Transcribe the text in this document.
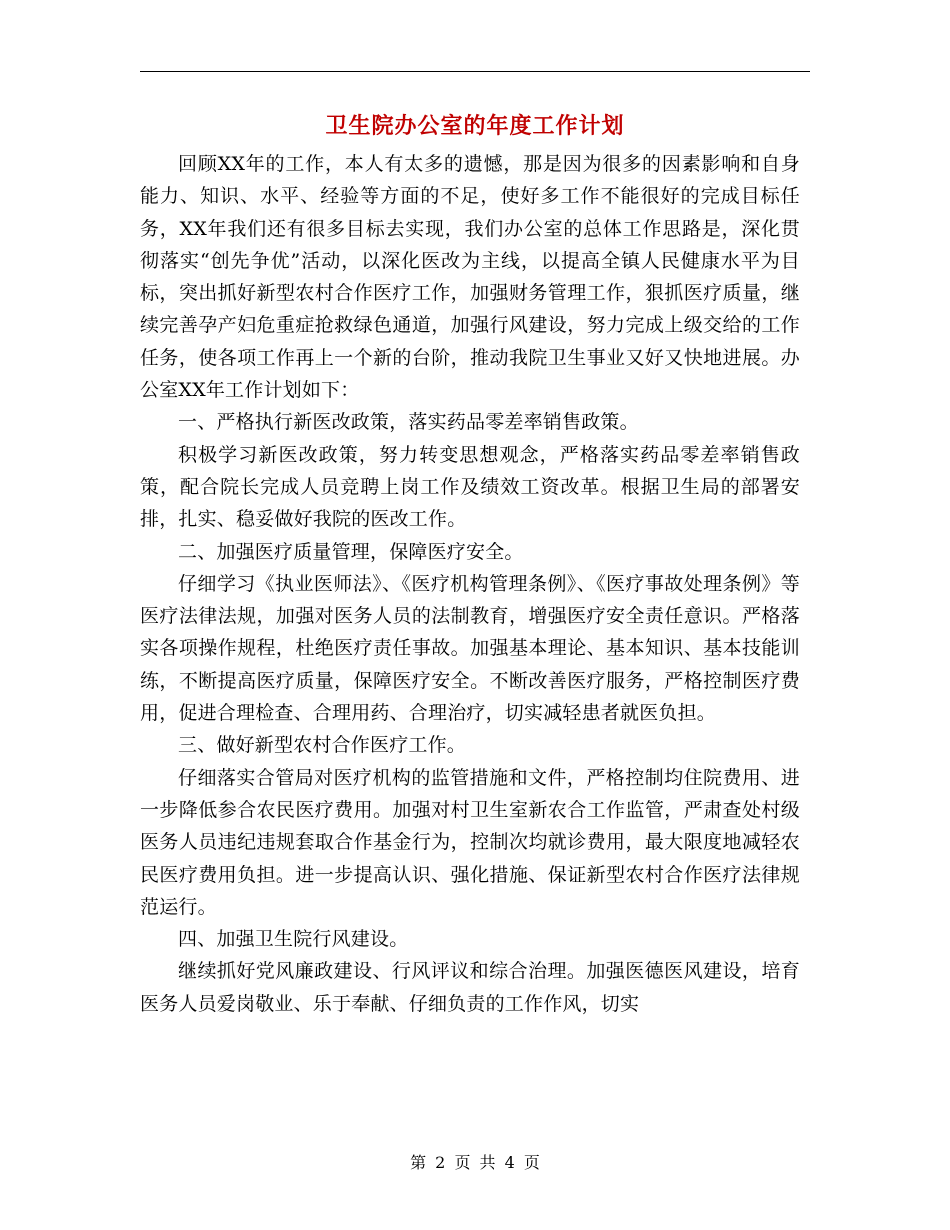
卫生院办公室的年度工作计划

回顾XX年的工作，本人有太多的遗憾，那是因为很多的因素影响和自身能力、知识、水平、经验等方面的不足，使好多工作不能很好的完成目标任务，XX年我们还有很多目标去实现，我们办公室的总体工作思路是，深化贯彻落实“创先争优”活动，以深化医改为主线，以提高全镇人民健康水平为目标，突出抓好新型农村合作医疗工作，加强财务管理工作，狠抓医疗质量，继续完善孕产妇危重症抢救绿色通道，加强行风建设，努力完成上级交给的工作任务，使各项工作再上一个新的台阶，推动我院卫生事业又好又快地进展。办公室XX年工作计划如下：

一、严格执行新医改政策，落实药品零差率销售政策。

积极学习新医改政策，努力转变思想观念，严格落实药品零差率销售政策，配合院长完成人员竞聘上岗工作及绩效工资改革。根据卫生局的部署安排，扎实、稳妥做好我院的医改工作。

二、加强医疗质量管理，保障医疗安全。

仔细学习《执业医师法》、《医疗机构管理条例》、《医疗事故处理条例》等医疗法律法规，加强对医务人员的法制教育，增强医疗安全责任意识。严格落实各项操作规程，杜绝医疗责任事故。加强基本理论、基本知识、基本技能训练，不断提高医疗质量，保障医疗安全。不断改善医疗服务，严格控制医疗费用，促进合理检查、合理用药、合理治疗，切实减轻患者就医负担。

三、做好新型农村合作医疗工作。

仔细落实合管局对医疗机构的监管措施和文件，严格控制均住院费用、进一步降低参合农民医疗费用。加强对村卫生室新农合工作监管，严肃查处村级医务人员违纪违规套取合作基金行为，控制次均就诊费用，最大限度地减轻农民医疗费用负担。进一步提高认识、强化措施、保证新型农村合作医疗法律规范运行。

四、加强卫生院行风建设。

继续抓好党风廉政建设、行风评议和综合治理。加强医德医风建设，培育医务人员爱岗敬业、乐于奉献、仔细负责的工作作风，切实

第 2 页 共 4 页
